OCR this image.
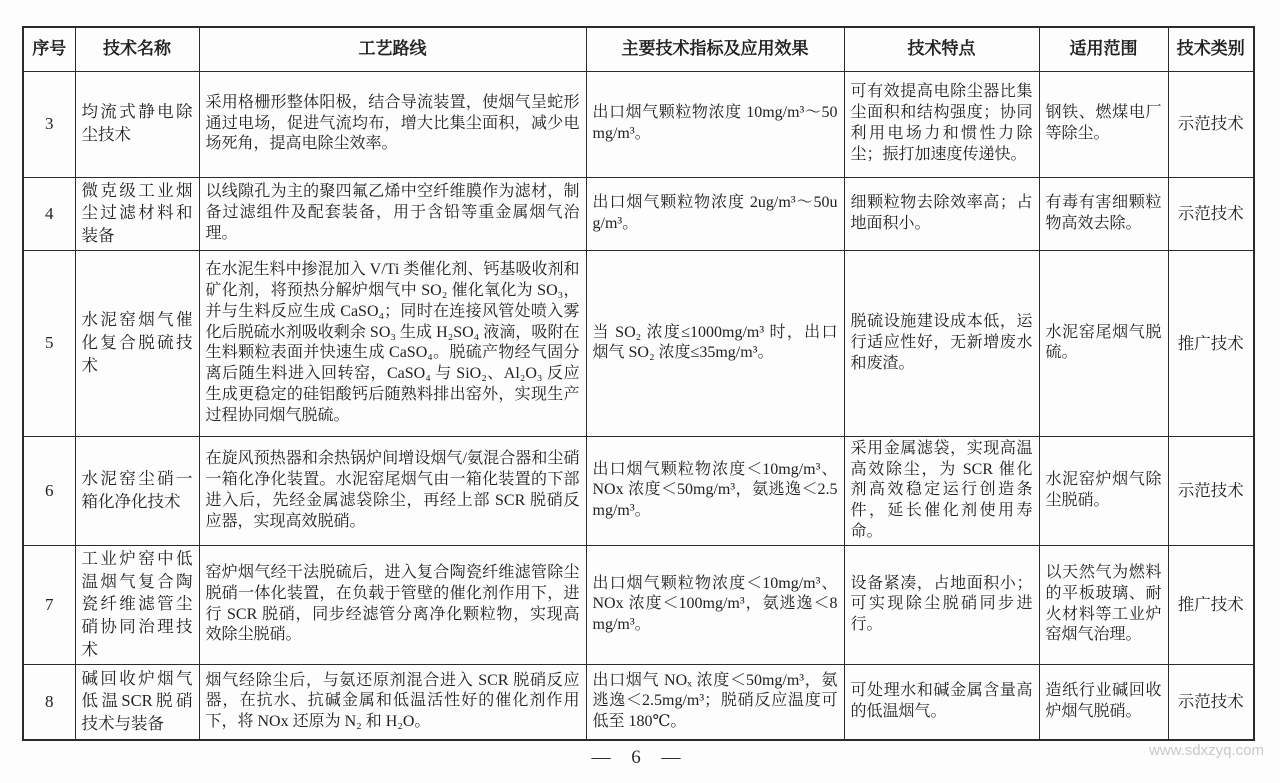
序号	技术名称	工艺路线	主要技术指标及应用效果	技术特点	适用范围	技术类别
3	均流式静电除尘技术	采用格栅形整体阳极，结合导流装置，使烟气呈蛇形通过电场，促进气流均布，增大比集尘面积，减少电场死角，提高电除尘效率。	出口烟气颗粒物浓度 10mg/m³～50mg/m³。	可有效提高电除尘器比集尘面积和结构强度；协同利用电场力和惯性力除尘；振打加速度传递快。	钢铁、燃煤电厂等除尘。	示范技术
4	微克级工业烟尘过滤材料和装备	以线隙孔为主的聚四氟乙烯中空纤维膜作为滤材，制备过滤组件及配套装备，用于含铅等重金属烟气治理。	出口烟气颗粒物浓度 2ug/m³～50ug/m³。	细颗粒物去除效率高；占地面积小。	有毒有害细颗粒物高效去除。	示范技术
5	水泥窑烟气催化复合脱硫技术	在水泥生料中掺混加入 V/Ti 类催化剂、钙基吸收剂和矿化剂，将预热分解炉烟气中 SO₂ 催化氧化为 SO₃，并与生料反应生成 CaSO₄；同时在连接风管处喷入雾化后脱硫水剂吸收剩余 SO₃ 生成 H₂SO₄ 液滴，吸附在生料颗粒表面并快速生成 CaSO₄。脱硫产物经气固分离后随生料进入回转窑，CaSO₄ 与 SiO₂、Al₂O₃ 反应生成更稳定的硅铝酸钙后随熟料排出窑外，实现生产过程协同烟气脱硫。	当 SO₂ 浓度≤1000mg/m³ 时，出口烟气 SO₂ 浓度≤35mg/m³。	脱硫设施建设成本低，运行适应性好，无新增废水和废渣。	水泥窑尾烟气脱硫。	推广技术
6	水泥窑尘硝一箱化净化技术	在旋风预热器和余热锅炉间增设烟气/氨混合器和尘硝一箱化净化装置。水泥窑尾烟气由一箱化装置的下部进入后，先经金属滤袋除尘，再经上部 SCR 脱硝反应器，实现高效脱硝。	出口烟气颗粒物浓度＜10mg/m³、NOx 浓度＜50mg/m³，氨逃逸＜2.5mg/m³。	采用金属滤袋，实现高温高效除尘，为 SCR 催化剂高效稳定运行创造条件，延长催化剂使用寿命。	水泥窑炉烟气除尘脱硝。	示范技术
7	工业炉窑中低温烟气复合陶瓷纤维滤管尘硝协同治理技术	窑炉烟气经干法脱硫后，进入复合陶瓷纤维滤管除尘脱硝一体化装置，在负载于管壁的催化剂作用下，进行 SCR 脱硝，同步经滤管分离净化颗粒物，实现高效除尘脱硝。	出口烟气颗粒物浓度＜10mg/m³、NOx 浓度＜100mg/m³，氨逃逸＜8mg/m³。	设备紧凑，占地面积小；可实现除尘脱硝同步进行。	以天然气为燃料的平板玻璃、耐火材料等工业炉窑烟气治理。	推广技术
8	碱回收炉烟气低温SCR脱硝技术与装备	烟气经除尘后，与氨还原剂混合进入 SCR 脱硝反应器，在抗水、抗碱金属和低温活性好的催化剂作用下，将 NOx 还原为 N₂ 和 H₂O。	出口烟气 NOₓ 浓度＜50mg/m³，氨逃逸＜2.5mg/m³；脱硝反应温度可低至 180℃。	可处理水和碱金属含量高的低温烟气。	造纸行业碱回收炉烟气脱硝。	示范技术
— 6 —	www.sdxzyq.com
